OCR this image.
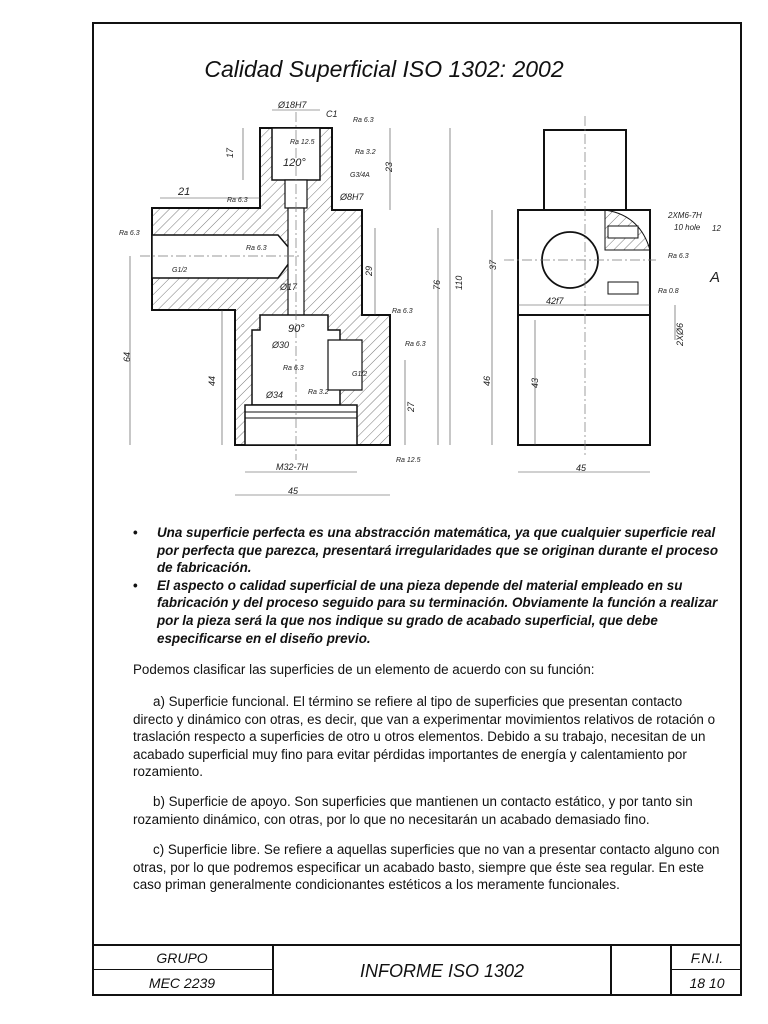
Calidad Superficial ISO 1302: 2002
Ø18H7
C1
Ra 6.3
Ra 12.5
Ra 3.2
17
23
120°
G3/4A
Ø8H7
21
Ra 6.3
Ra 6.3
Ra 6.3
G1/2	29
76 110
Ø17
Ra 6.3
90°
Ra 6.3
Ø30
64
Ra 6.3
G1/2
44
Ø34	Ra 3.2
27
M32-7H
Ra 12.5
45
2XM6-7H
10 hole 12
Ra 6.3
37
A
Ra 0.8
42f7
2XØ6
46	43
45
• Una superficie perfecta es una abstracción matemática, ya que cualquier superficie real por perfecta que parezca, presentará irregularidades que se originan durante el proceso de fabricación.
• El aspecto o calidad superficial de una pieza depende del material empleado en su fabricación y del proceso seguido para su terminación. Obviamente la función a realizar por la pieza será la que nos indique su grado de acabado superficial, que debe especificarse en el diseño previo.

Podemos clasificar las superficies de un elemento de acuerdo con su función:

a) Superficie funcional. El término se refiere al tipo de superficies que presentan contacto directo y dinámico con otras, es decir, que van a experimentar movimientos relativos de rotación o traslación respecto a superficies de otro u otros elementos. Debido a su trabajo, necesitan de un acabado superficial muy fino para evitar pérdidas importantes de energía y calentamiento por rozamiento.

b) Superficie de apoyo. Son superficies que mantienen un contacto estático, y por tanto sin rozamiento dinámico, con otras, por lo que no necesitarán un acabado demasiado fino.

c) Superficie libre. Se refiere a aquellas superficies que no van a presentar contacto alguno con otras, por lo que podremos especificar un acabado basto, siempre que éste sea regular. En este caso priman generalmente condicionantes estéticos a los meramente funcionales.

GRUPO
MEC 2239
INFORME ISO 1302
F.N.I.
18 10
